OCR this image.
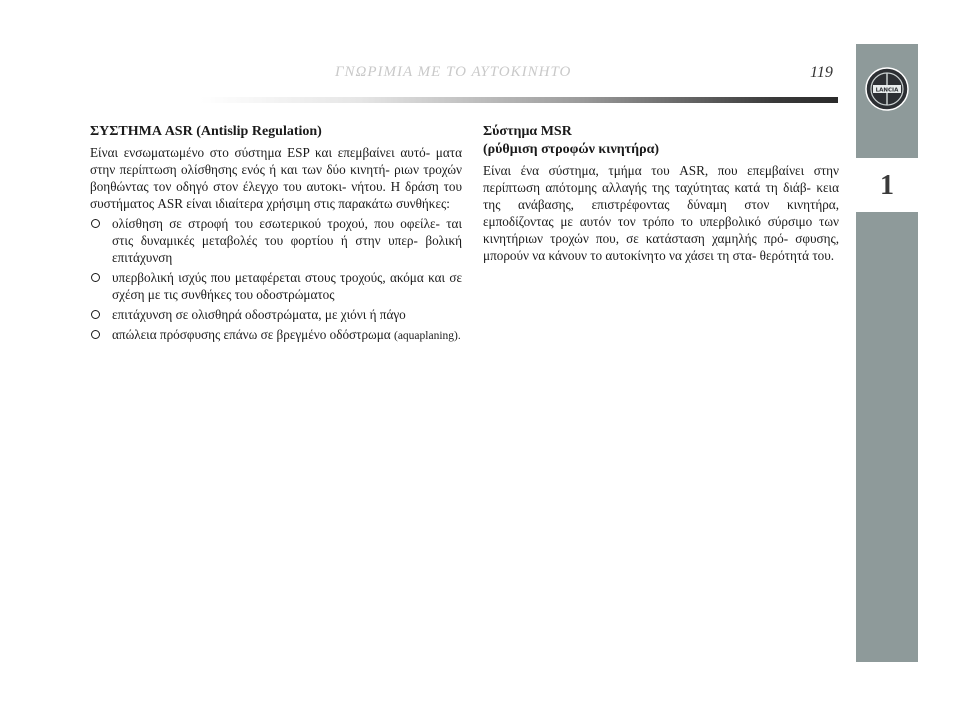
ΓΝΩΡΙΜΙΑ ΜΕ ΤΟ ΑΥΤΟΚΙΝΗΤΟ	119
LANCIA
1
ΣΥΣΤΗΜΑ ASR (Antislip Regulation)

Είναι ενσωματωμένο στο σύστημα ESP και επεμβαίνει αυτό- ματα στην περίπτωση ολίσθησης ενός ή και των δύο κινητή- ριων τροχών βοηθώντας τον οδηγό στον έλεγχο του αυτοκι- νήτου. Η δράση του συστήματος ASR είναι ιδιαίτερα χρήσιμη στις παρακάτω συνθήκες:

ολίσθηση σε στροφή του εσωτερικού τροχού, που οφείλε- ται στις δυναμικές μεταβολές του φορτίου ή στην υπερ- βολική επιτάχυνση
υπερβολική ισχύς που μεταφέρεται στους τροχούς, ακόμα και σε σχέση με τις συνθήκες του οδοστρώματος
επιτάχυνση σε ολισθηρά οδοστρώματα, με χιόνι ή πάγο
απώλεια πρόσφυσης επάνω σε βρεγμένο οδόστρωμα (aquaplaning).
Σύστημα MSR
(ρύθμιση στροφών κινητήρα)

Είναι ένα σύστημα, τμήμα του ASR, που επεμβαίνει στην περίπτωση απότομης αλλαγής της ταχύτητας κατά τη διάβ- κεια της ανάβασης, επιστρέφοντας δύναμη στον κινητήρα, εμποδίζοντας με αυτόν τον τρόπο το υπερβολικό σύρσιμο των κινητήριων τροχών που, σε κατάσταση χαμηλής πρό- σφυσης, μπορούν να κάνουν το αυτοκίνητο να χάσει τη στα- θερότητά του.
